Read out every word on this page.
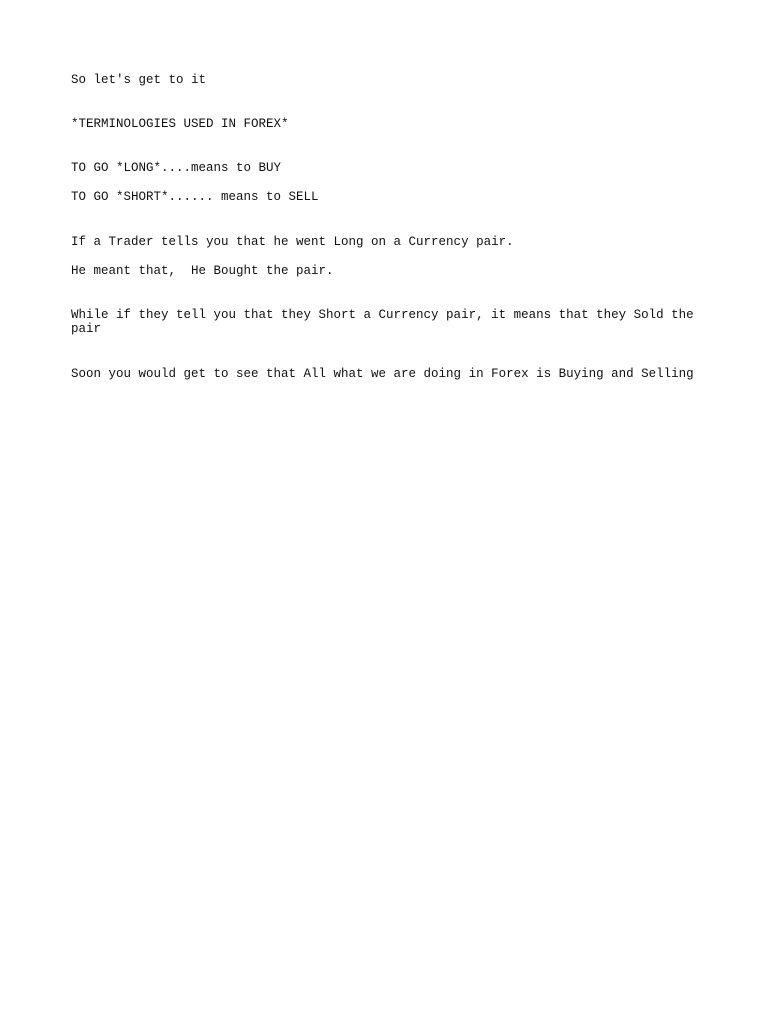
So let's get to it

*TERMINOLOGIES USED IN FOREX*

TO GO *LONG*....means to BUY

TO GO *SHORT*...... means to SELL

If a Trader tells you that he went Long on a Currency pair.

He meant that,  He Bought the pair.

While if they tell you that they Short a Currency pair, it means that they Sold the pair

Soon you would get to see that All what we are doing in Forex is Buying and Selling
